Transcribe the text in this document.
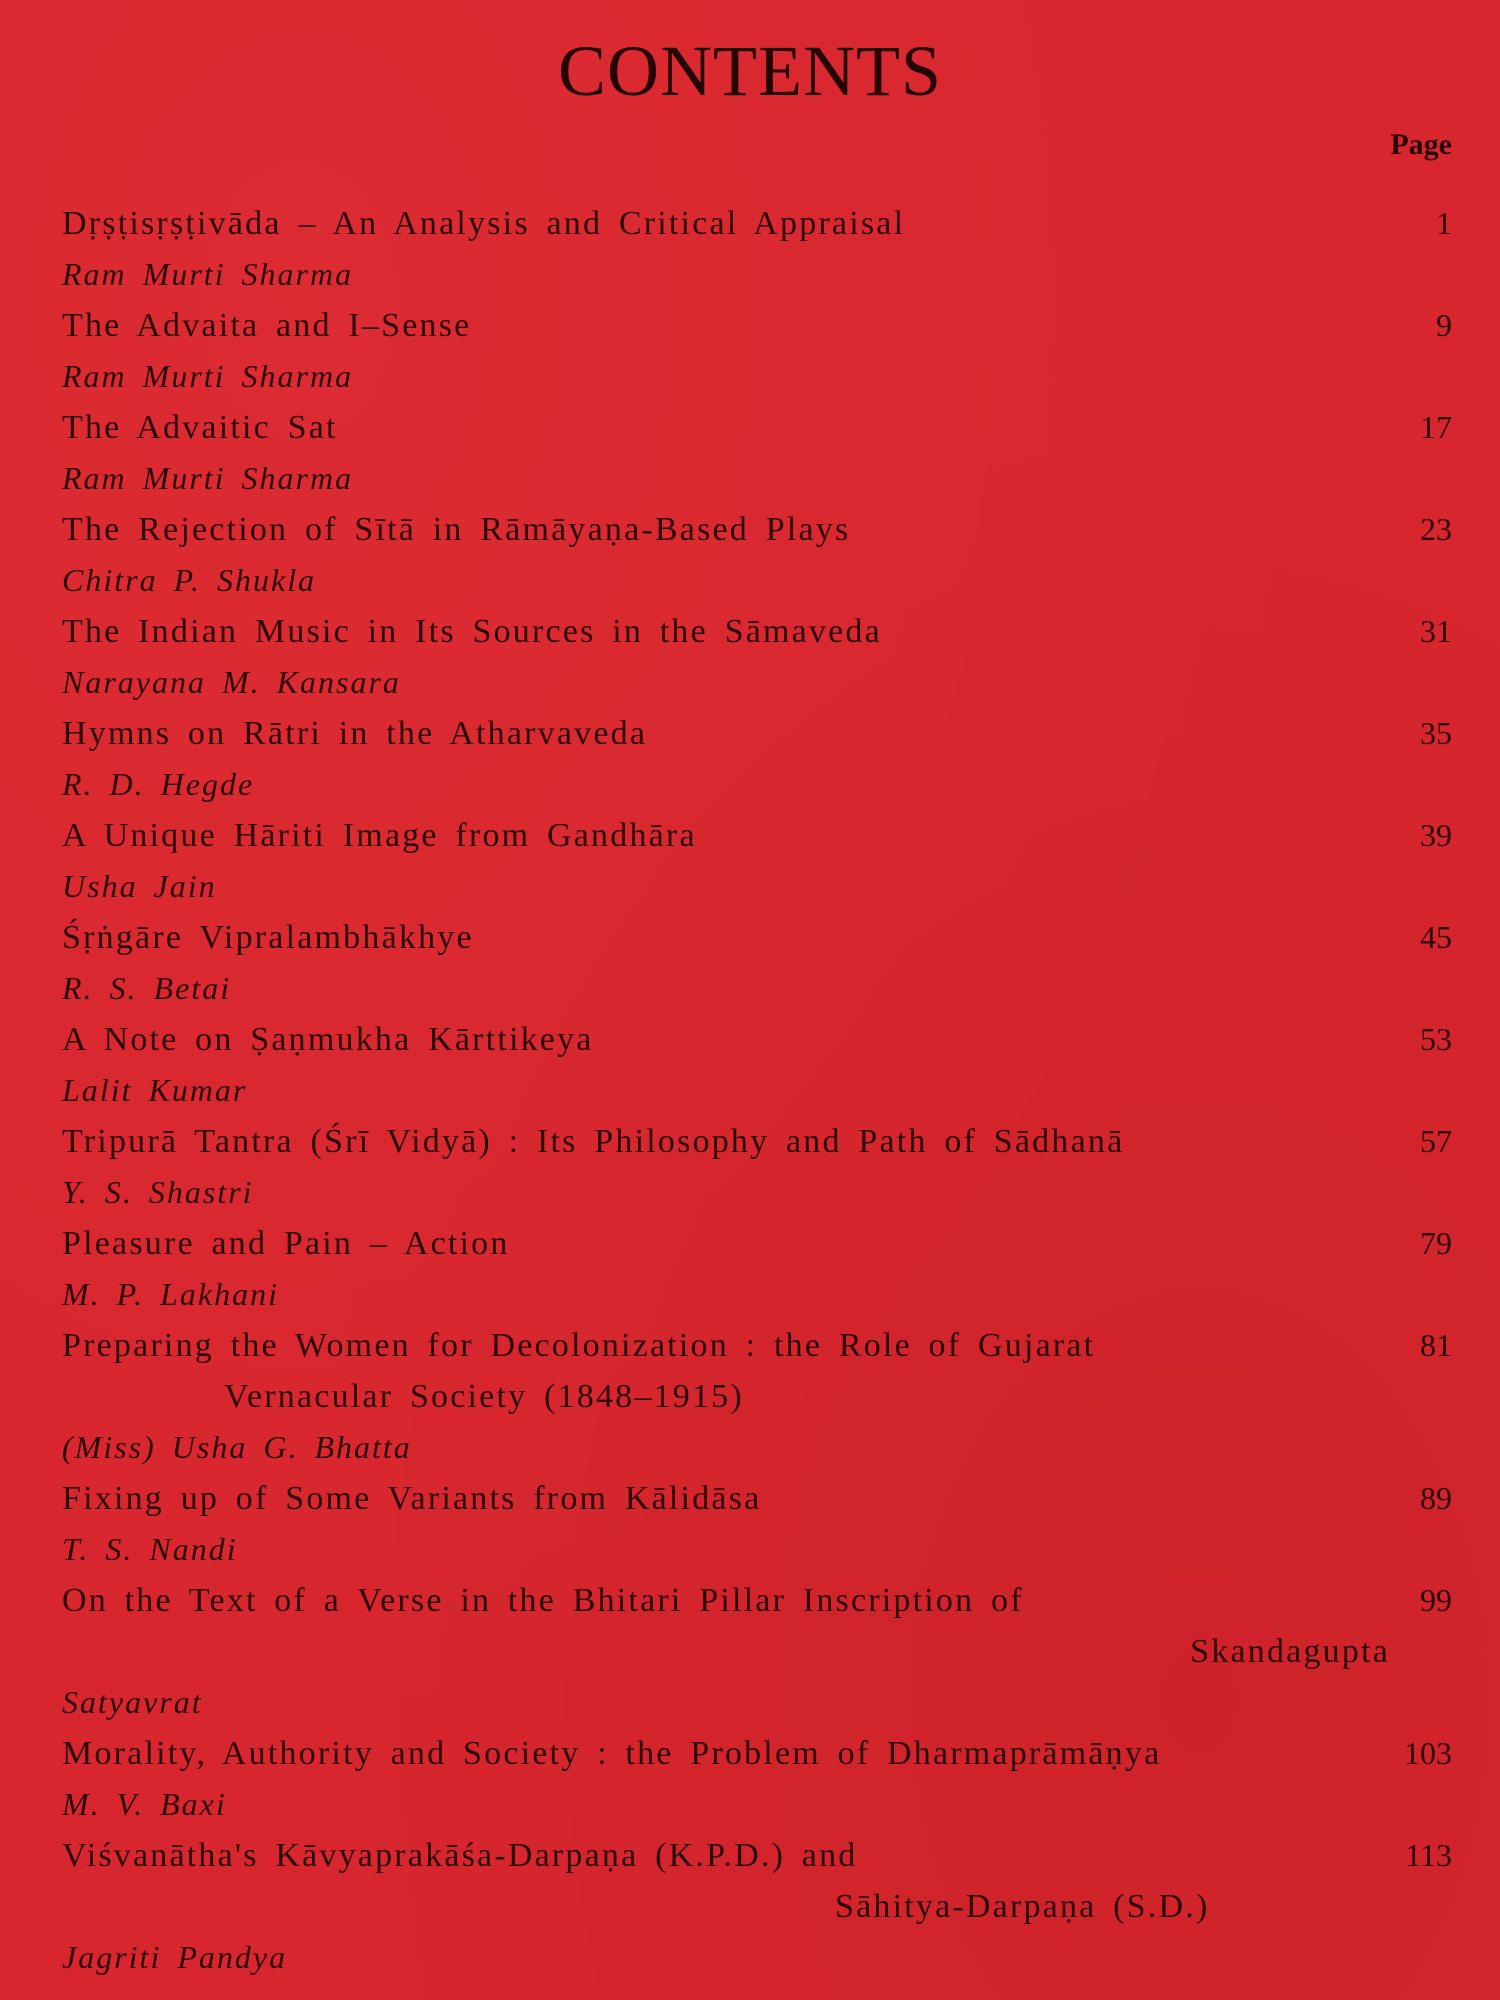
CONTENTS
Page
Dṛṣṭisṛṣṭivāda – An Analysis and Critical Appraisal	1
Ram Murti Sharma
The Advaita and I–Sense	9
Ram Murti Sharma
The Advaitic Sat	17
Ram Murti Sharma
The Rejection of Sītā in Rāmāyaṇa-Based Plays	23
Chitra P. Shukla
The Indian Music in Its Sources in the Sāmaveda	31
Narayana M. Kansara
Hymns on Rātri in the Atharvaveda	35
R. D. Hegde
A Unique Hāriti Image from Gandhāra	39
Usha Jain
Śṛṅgāre Vipralambhākhye	45
R. S. Betai
A Note on Ṣaṇmukha Kārttikeya	53
Lalit Kumar
Tripurā Tantra (Śrī Vidyā) : Its Philosophy and Path of Sādhanā	57
Y. S. Shastri
Pleasure and Pain – Action	79
M. P. Lakhani
Preparing the Women for Decolonization : the Role of Gujarat	81
Vernacular Society (1848–1915)
(Miss) Usha G. Bhatta
Fixing up of Some Variants from Kālidāsa	89
T. S. Nandi
On the Text of a Verse in the Bhitari Pillar Inscription of	99
Skandagupta
Satyavrat
Morality, Authority and Society : the Problem of Dharmaprāmāṇya	103
M. V. Baxi
Viśvanātha's Kāvyaprakāśa-Darpaṇa (K.P.D.) and	113
Sāhitya-Darpaṇa (S.D.)
Jagriti Pandya
